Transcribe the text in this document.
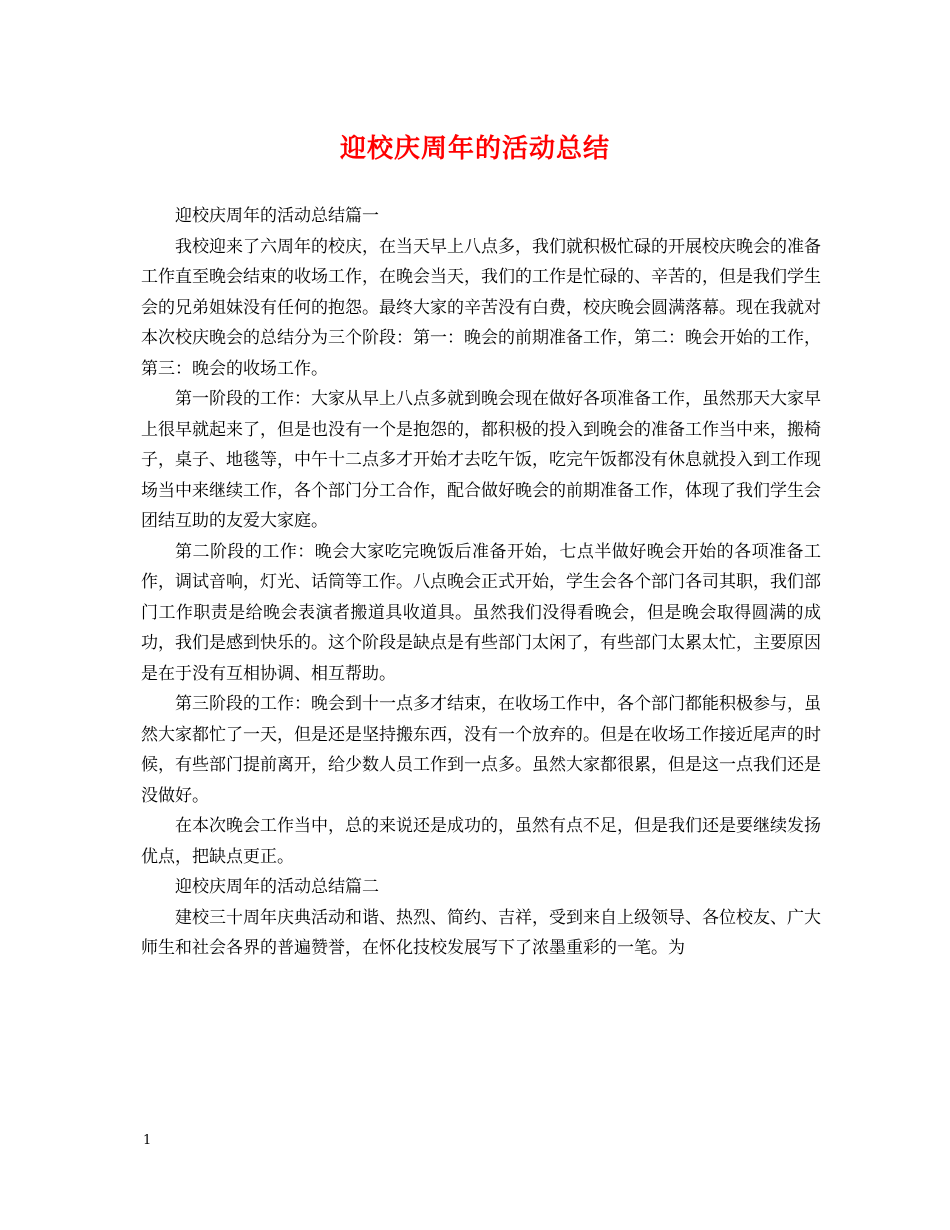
迎校庆周年的活动总结

迎校庆周年的活动总结篇一

我校迎来了六周年的校庆，在当天早上八点多，我们就积极忙碌的开展校庆晚会的准备工作直至晚会结束的收场工作，在晚会当天，我们的工作是忙碌的、辛苦的，但是我们学生会的兄弟姐妹没有任何的抱怨。最终大家的辛苦没有白费，校庆晚会圆满落幕。现在我就对本次校庆晚会的总结分为三个阶段：第一：晚会的前期准备工作，第二：晚会开始的工作，第三：晚会的收场工作。

第一阶段的工作：大家从早上八点多就到晚会现在做好各项准备工作，虽然那天大家早上很早就起来了，但是也没有一个是抱怨的，都积极的投入到晚会的准备工作当中来，搬椅子，桌子、地毯等，中午十二点多才开始才去吃午饭，吃完午饭都没有休息就投入到工作现场当中来继续工作，各个部门分工合作，配合做好晚会的前期准备工作，体现了我们学生会团结互助的友爱大家庭。

第二阶段的工作：晚会大家吃完晚饭后准备开始，七点半做好晚会开始的各项准备工作，调试音响，灯光、话筒等工作。八点晚会正式开始，学生会各个部门各司其职，我们部门工作职责是给晚会表演者搬道具收道具。虽然我们没得看晚会，但是晚会取得圆满的成功，我们是感到快乐的。这个阶段是缺点是有些部门太闲了，有些部门太累太忙，主要原因是在于没有互相协调、相互帮助。

第三阶段的工作：晚会到十一点多才结束，在收场工作中，各个部门都能积极参与，虽然大家都忙了一天，但是还是坚持搬东西，没有一个放弃的。但是在收场工作接近尾声的时候，有些部门提前离开，给少数人员工作到一点多。虽然大家都很累，但是这一点我们还是没做好。

在本次晚会工作当中，总的来说还是成功的，虽然有点不足，但是我们还是要继续发扬优点，把缺点更正。

迎校庆周年的活动总结篇二

建校三十周年庆典活动和谐、热烈、简约、吉祥，受到来自上级领导、各位校友、广大师生和社会各界的普遍赞誉，在怀化技校发展写下了浓墨重彩的一笔。为

1
